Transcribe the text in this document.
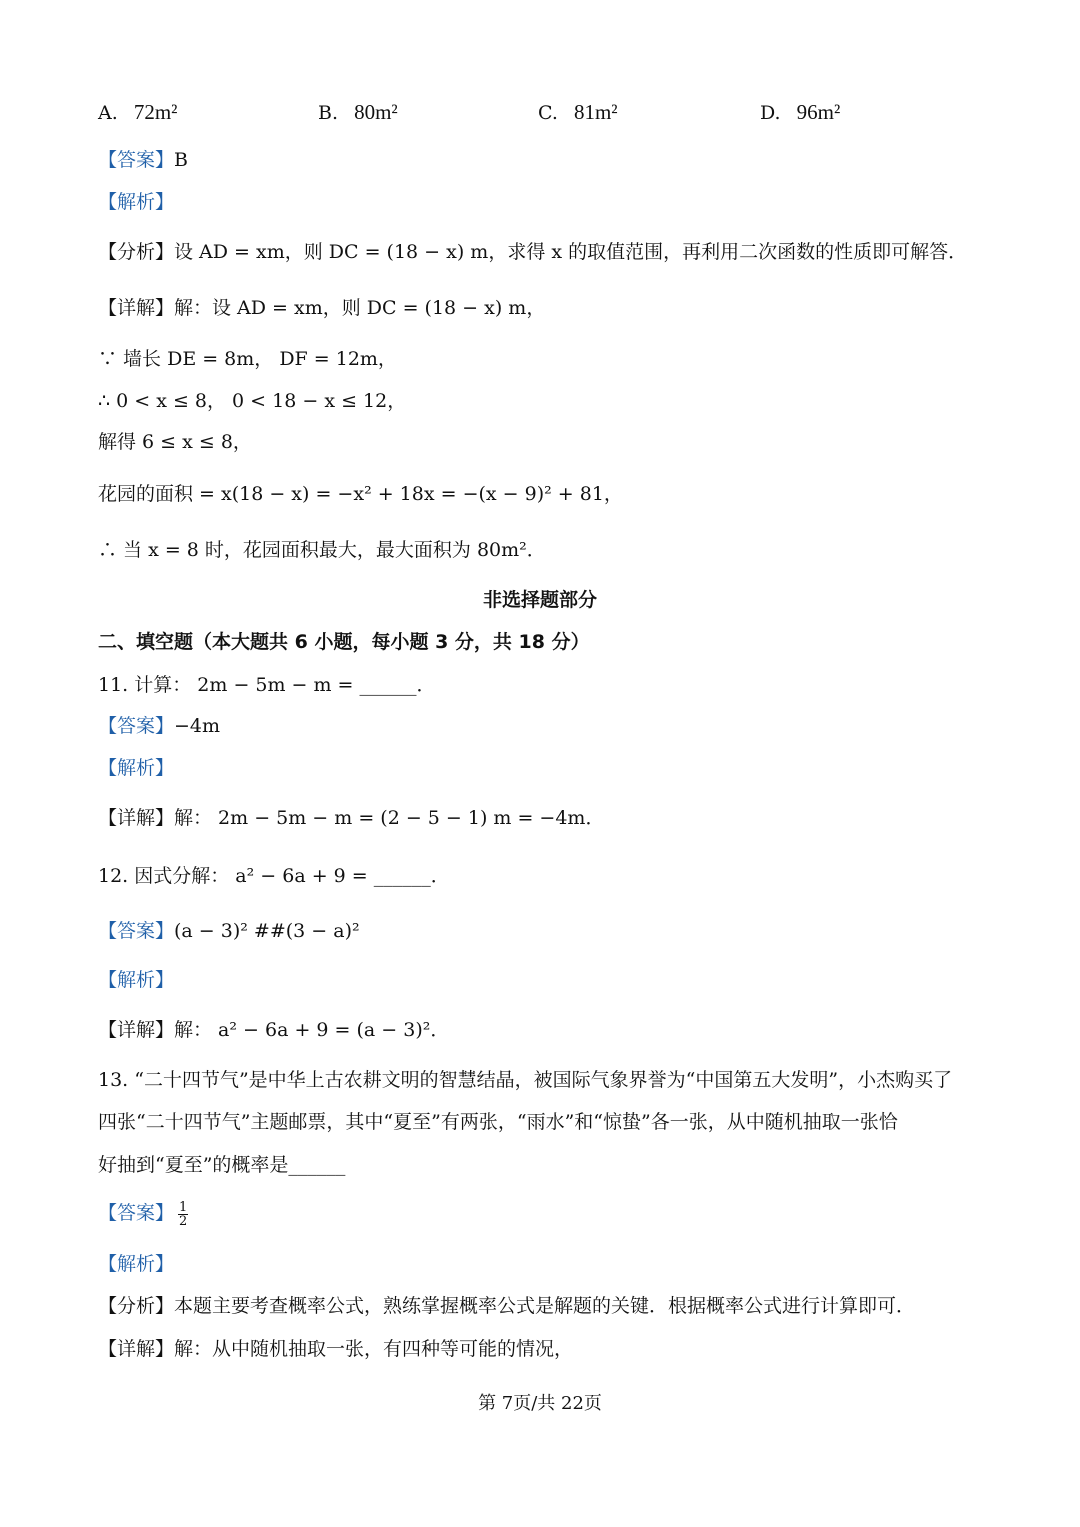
A. 72m²	B. 80m²	C. 81m²	D. 96m²
【答案】B
【解析】
【分析】设 AD = xm，则 DC = (18 − x) m，求得 x 的取值范围，再利用二次函数的性质即可解答．
【详解】解：设 AD = xm，则 DC = (18 − x) m，
∵ 墙长 DE = 8m， DF = 12m，
∴ 0 < x ≤ 8， 0 < 18 − x ≤ 12，
解得 6 ≤ x ≤ 8，
花园的面积 = x(18 − x) = −x² + 18x = −(x − 9)² + 81，
∴ 当 x = 8 时，花园面积最大，最大面积为 80m²．
非选择题部分
二、填空题（本大题共 6 小题，每小题 3 分，共 18 分）
11. 计算： 2m − 5m − m = ______．
【答案】−4m
【解析】
【详解】解： 2m − 5m − m = (2 − 5 − 1) m = −4m．
12. 因式分解： a² − 6a + 9 = ______．
【答案】(a − 3)² ##(3 − a)²
【解析】
【详解】解： a² − 6a + 9 = (a − 3)²．
13. “二十四节气”是中华上古农耕文明的智慧结晶，被国际气象界誉为“中国第五大发明”，小杰购买了
四张“二十四节气”主题邮票，其中“夏至”有两张，“雨水”和“惊蛰”各一张，从中随机抽取一张恰
好抽到“夏至”的概率是______
【答案】 $\frac{1}{2}$
【解析】
【分析】本题主要考查概率公式，熟练掌握概率公式是解题的关键．根据概率公式进行计算即可．
【详解】解：从中随机抽取一张，有四种等可能的情况，
第 7页/共 22页
